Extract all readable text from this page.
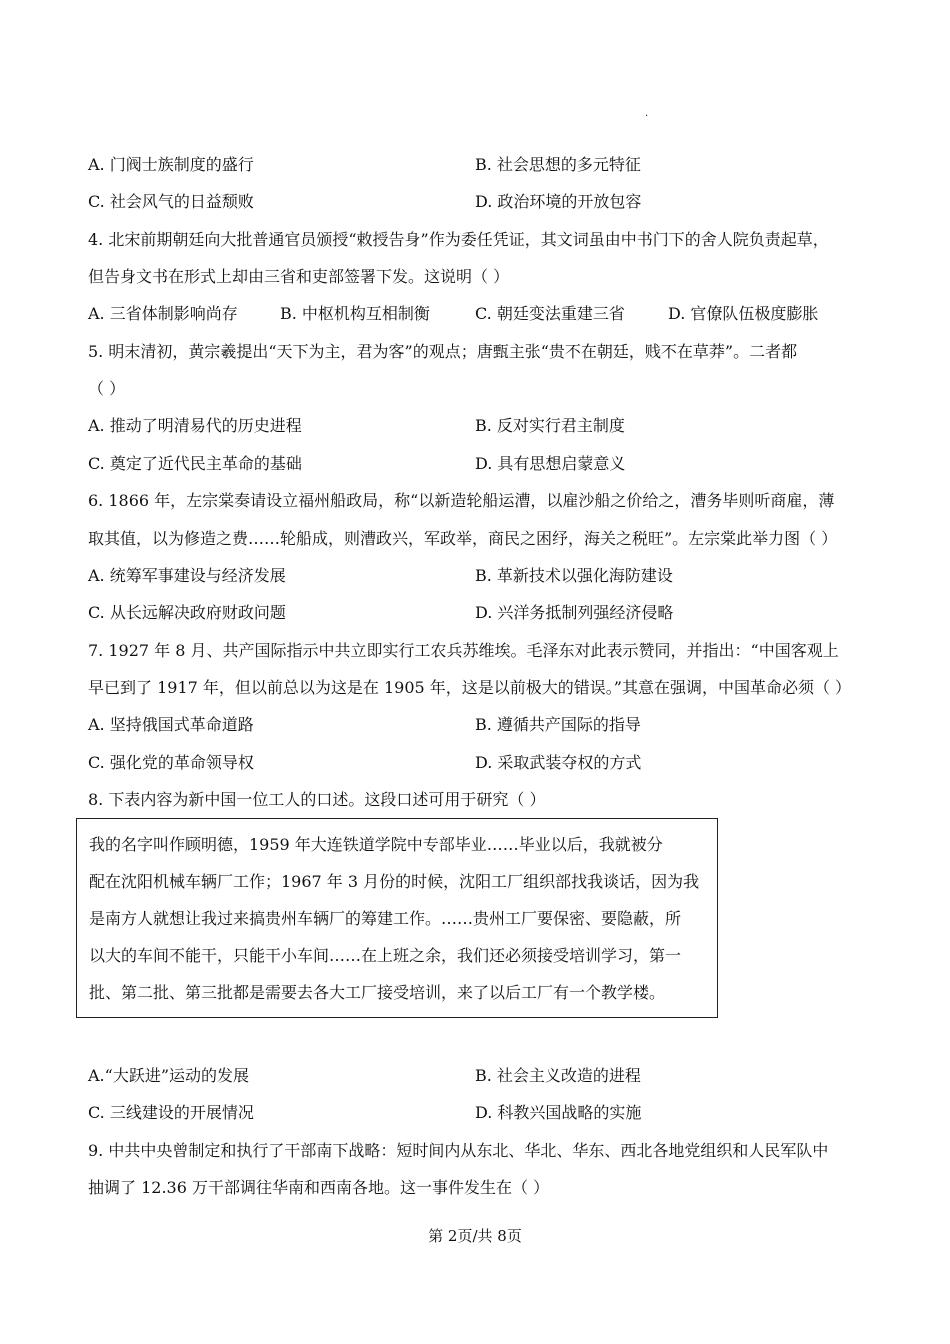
.
A. 门阀士族制度的盛行	B. 社会思想的多元特征
C. 社会风气的日益颓败	D. 政治环境的开放包容
4. 北宋前期朝廷向大批普通官员颁授“敕授告身”作为委任凭证，其文词虽由中书门下的舍人院负责起草，
但告身文书在形式上却由三省和吏部签署下发。这说明（ ）
A. 三省体制影响尚存	B. 中枢机构互相制衡	C. 朝廷变法重建三省	D. 官僚队伍极度膨胀
5. 明末清初，黄宗羲提出“天下为主，君为客”的观点；唐甄主张“贵不在朝廷，贱不在草莽”。二者都
（ ）
A. 推动了明清易代的历史进程	B. 反对实行君主制度
C. 奠定了近代民主革命的基础	D. 具有思想启蒙意义
6. 1866 年，左宗棠奏请设立福州船政局，称“以新造轮船运漕，以雇沙船之价给之，漕务毕则听商雇，薄
取其值，以为修造之费……轮船成，则漕政兴，军政举，商民之困纾，海关之税旺”。左宗棠此举力图（ ）
A. 统筹军事建设与经济发展	B. 革新技术以强化海防建设
C. 从长远解决政府财政问题	D. 兴洋务抵制列强经济侵略
7. 1927 年 8 月、共产国际指示中共立即实行工农兵苏维埃。毛泽东对此表示赞同，并指出：“中国客观上
早已到了 1917 年，但以前总以为这是在 1905 年，这是以前极大的错误。”其意在强调，中国革命必须（ ）
A. 坚持俄国式革命道路	B. 遵循共产国际的指导
C. 强化党的革命领导权	D. 采取武装夺权的方式
8. 下表内容为新中国一位工人的口述。这段口述可用于研究（ ）
我的名字叫作顾明德，1959 年大连铁道学院中专部毕业……毕业以后，我就被分
配在沈阳机械车辆厂工作；1967 年 3 月份的时候，沈阳工厂组织部找我谈话，因为我
是南方人就想让我过来搞贵州车辆厂的筹建工作。……贵州工厂要保密、要隐蔽，所
以大的车间不能干，只能干小车间……在上班之余，我们还必须接受培训学习，第一
批、第二批、第三批都是需要去各大工厂接受培训，来了以后工厂有一个教学楼。
A.“大跃进”运动的发展	B. 社会主义改造的进程
C. 三线建设的开展情况	D. 科教兴国战略的实施
9. 中共中央曾制定和执行了干部南下战略：短时间内从东北、华北、华东、西北各地党组织和人民军队中
抽调了 12.36 万干部调往华南和西南各地。这一事件发生在（ ）
第 2页/共 8页
